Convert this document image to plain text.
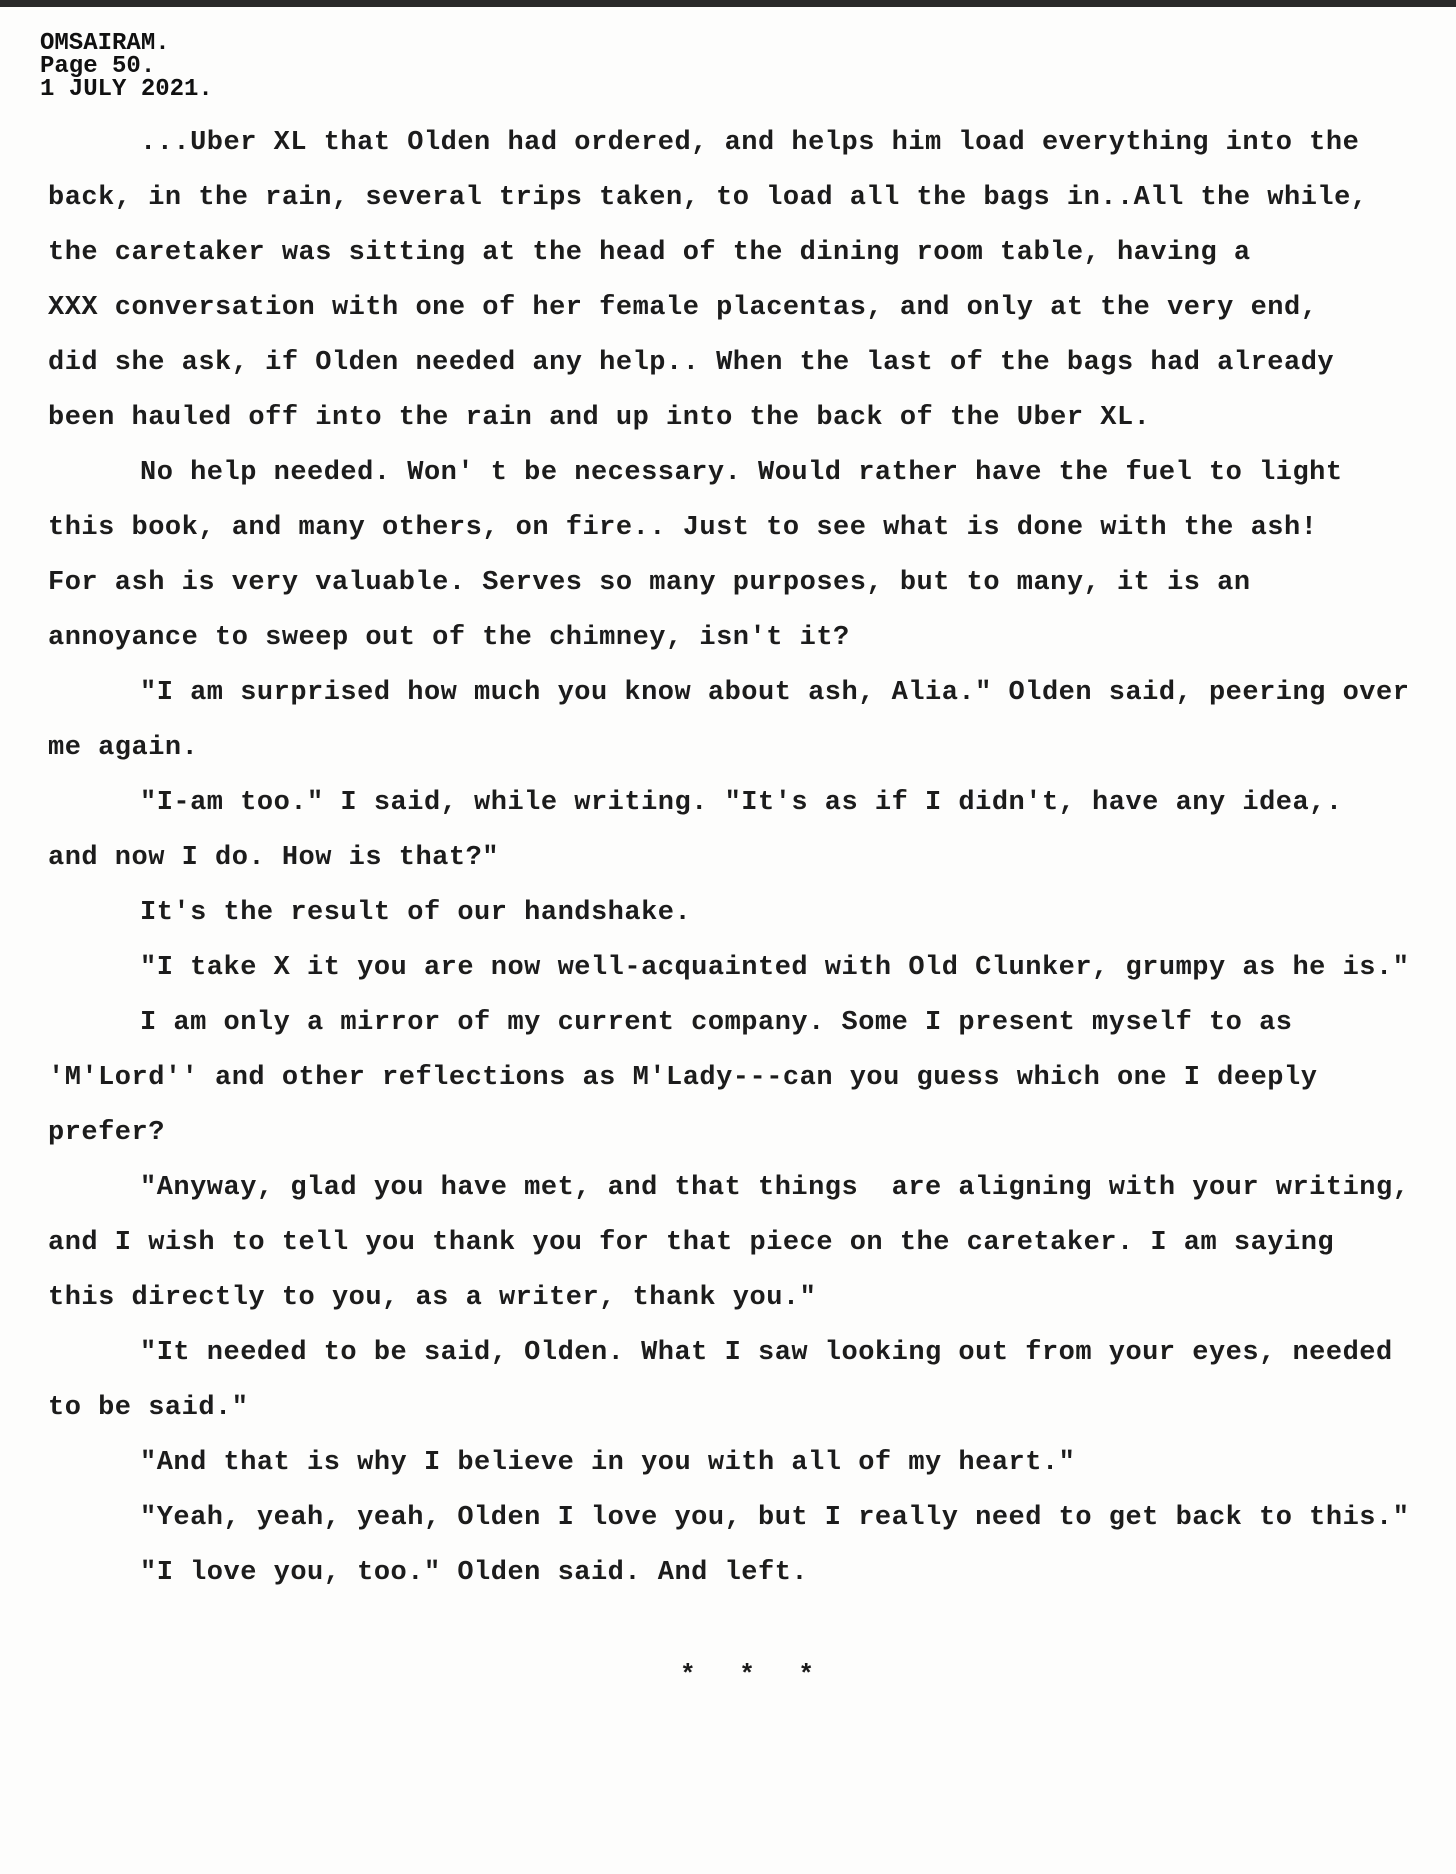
OMSAIRAM.
Page 50.
1 JULY 2021.
...Uber XL that Olden had ordered, and helps him load everything into the
back, in the rain, several trips taken, to load all the bags in..All the while,
the caretaker was sitting at the head of the dining room table, having a
XXX conversation with one of her female placentas, and only at the very end,
did she ask, if Olden needed any help.. When the last of the bags had already
been hauled off into the rain and up into the back of the Uber XL.
No help needed. Won' t be necessary. Would rather have the fuel to light
this book, and many others, on fire.. Just to see what is done with the ash!
For ash is very valuable. Serves so many purposes, but to many, it is an
annoyance to sweep out of the chimney, isn't it?
"I am surprised how much you know about ash, Alia." Olden said, peering over
me again.
"I-am too." I said, while writing. "It's as if I didn't, have any idea,.
and now I do. How is that?"
It's the result of our handshake.
"I take X it you are now well-acquainted with Old Clunker, grumpy as he is."
I am only a mirror of my current company. Some I present myself to as
'M'Lord'' and other reflections as M'Lady---can you guess which one I deeply
prefer?
"Anyway, glad you have met, and that things  are aligning with your writing,
and I wish to tell you thank you for that piece on the caretaker. I am saying
this directly to you, as a writer, thank you."
"It needed to be said, Olden. What I saw looking out from your eyes, needed
to be said."
"And that is why I believe in you with all of my heart."
"Yeah, yeah, yeah, Olden I love you, but I really need to get back to this."
"I love you, too." Olden said. And left.
* * *
